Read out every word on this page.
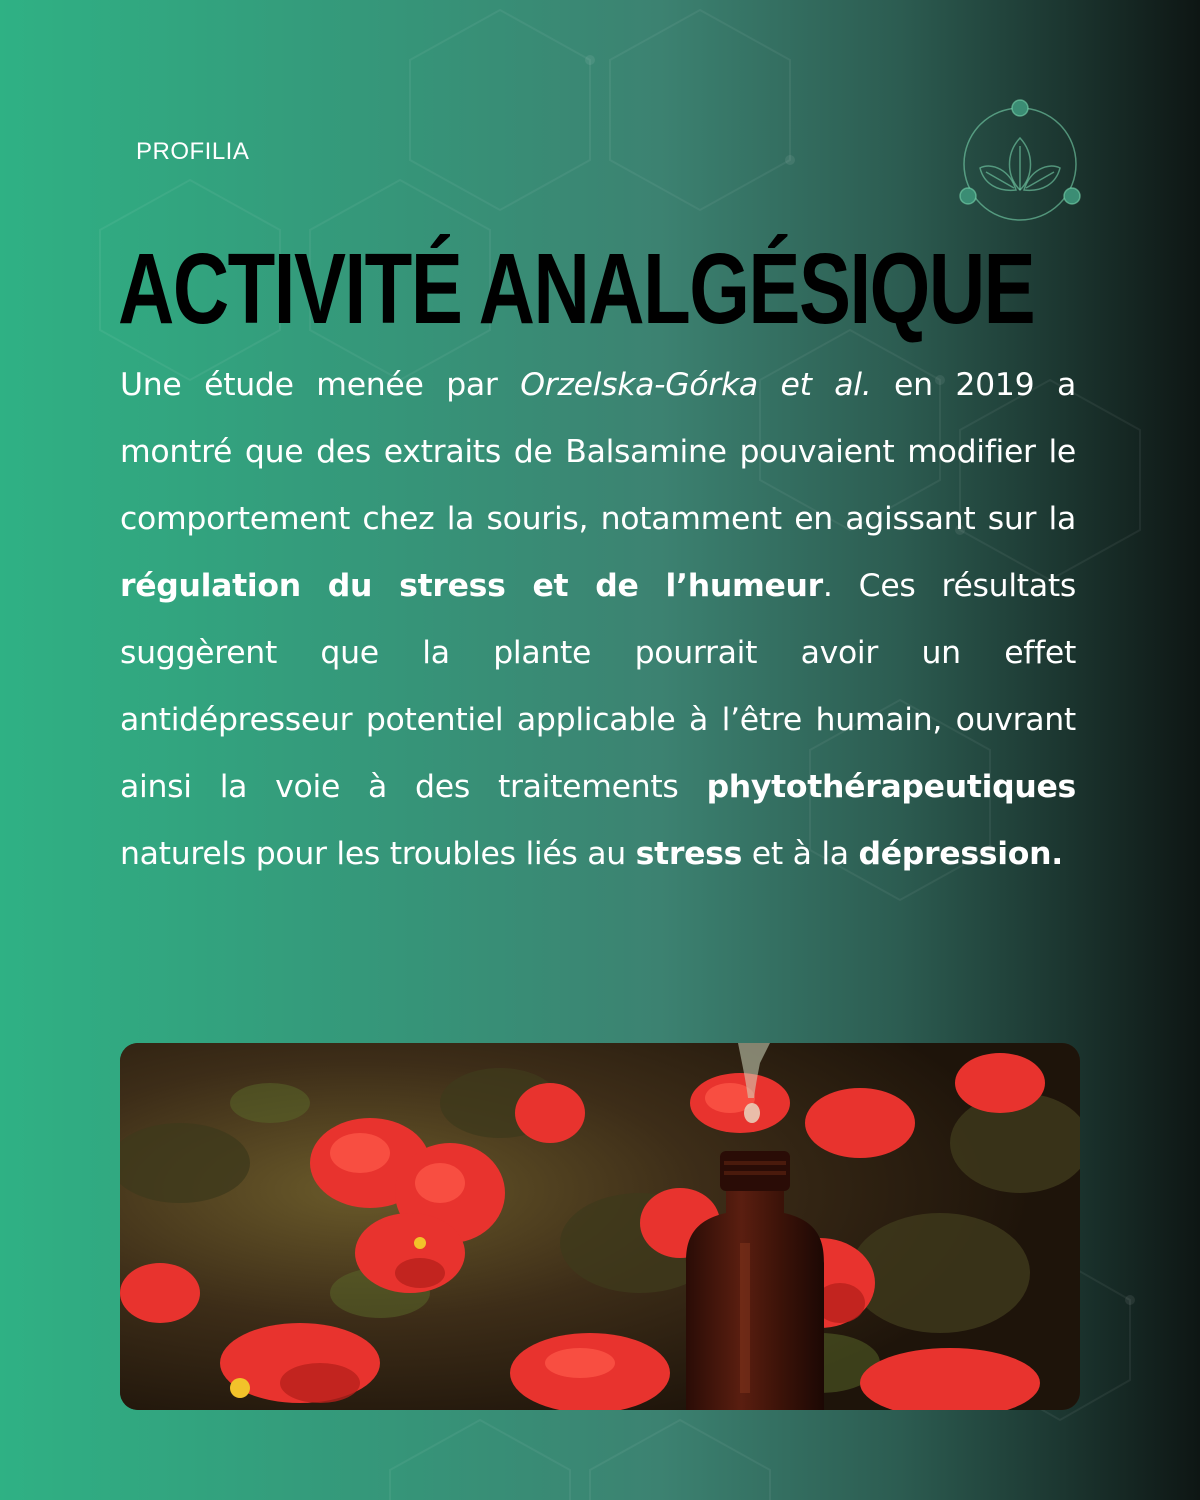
PROFILIA
ACTIVITÉ ANALGÉSIQUE

Une étude menée par Orzelska-Górka et al. en 2019 a montré que des extraits de Balsamine pouvaient modifier le comportement chez la souris, notamment en agissant sur la régulation du stress et de l’humeur. Ces résultats suggèrent que la plante pourrait avoir un effet antidépresseur potentiel applicable à l’être humain, ouvrant ainsi la voie à des traitements phytothérapeutiques naturels pour les troubles liés au stress et à la dépression.
